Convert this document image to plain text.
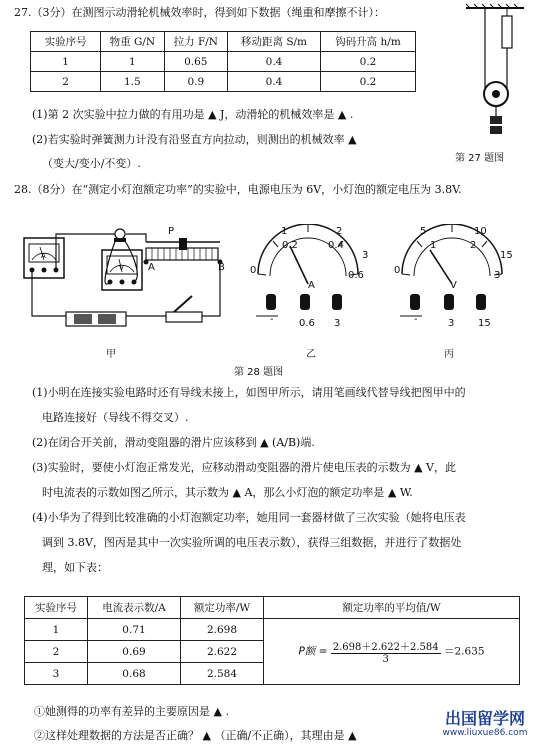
27.（3分）在测图示动滑轮机械效率时，得到如下数据（绳重和摩擦不计）：
实验序号	物重 G/N	拉力 F/N	移动距离 S/m	钩码升高 h/m
1	1	0.65	0.4	0.2
2	1.5	0.9	0.4	0.2
(1)第 2 次实验中拉力做的有用功是 ▲ J，动滑轮的机械效率是 ▲ .
(2)若实验时弹簧测力计没有沿竖直方向拉动，则测出的机械效率 ▲
（变大/变小/不变）.	第 27 题图
28.（8分）在“测定小灯泡额定功率”的实验中，电源电压为 6V，小灯泡的额定电压为 3.8V.
A
V
P
A	B
甲
0
0.2	0.4
0.6
1	2
3
A
-	0.6 3
乙
0
1	2
3
5	10
15
V
-	3 15
丙
第 28 题图
(1)小明在连接实验电路时还有导线未接上，如图甲所示，请用笔画线代替导线把图甲中的
电路连接好（导线不得交叉）.
(2)在闭合开关前，滑动变阻器的滑片应该移到 ▲ (A/B)端.
(3)实验时，要使小灯泡正常发光，应移动滑动变阻器的滑片使电压表的示数为 ▲ V，此
时电流表的示数如图乙所示，其示数为 ▲ A，那么小灯泡的额定功率是 ▲ W.
(4)小华为了得到比较准确的小灯泡额定功率，她用同一套器材做了三次实验（她将电压表
调到 3.8V，图丙是其中一次实验所调的电压表示数），获得三组数据，并进行了数据处
理，如下表：
实验序号	电流表示数/A	额定功率/W	额定功率的平均值/W
1	0.71	2.698	P额 = $\frac{2.698+2.622+2.584}{3} =2.635$
2	0.69	2.622	
3	0.68	2.584	
①她测得的功率有差异的主要原因是 ▲ .
②这样处理数据的方法是否正确？ ▲ （正确/不正确），其理由是 ▲
出国留学网
www.liuxue86.com
